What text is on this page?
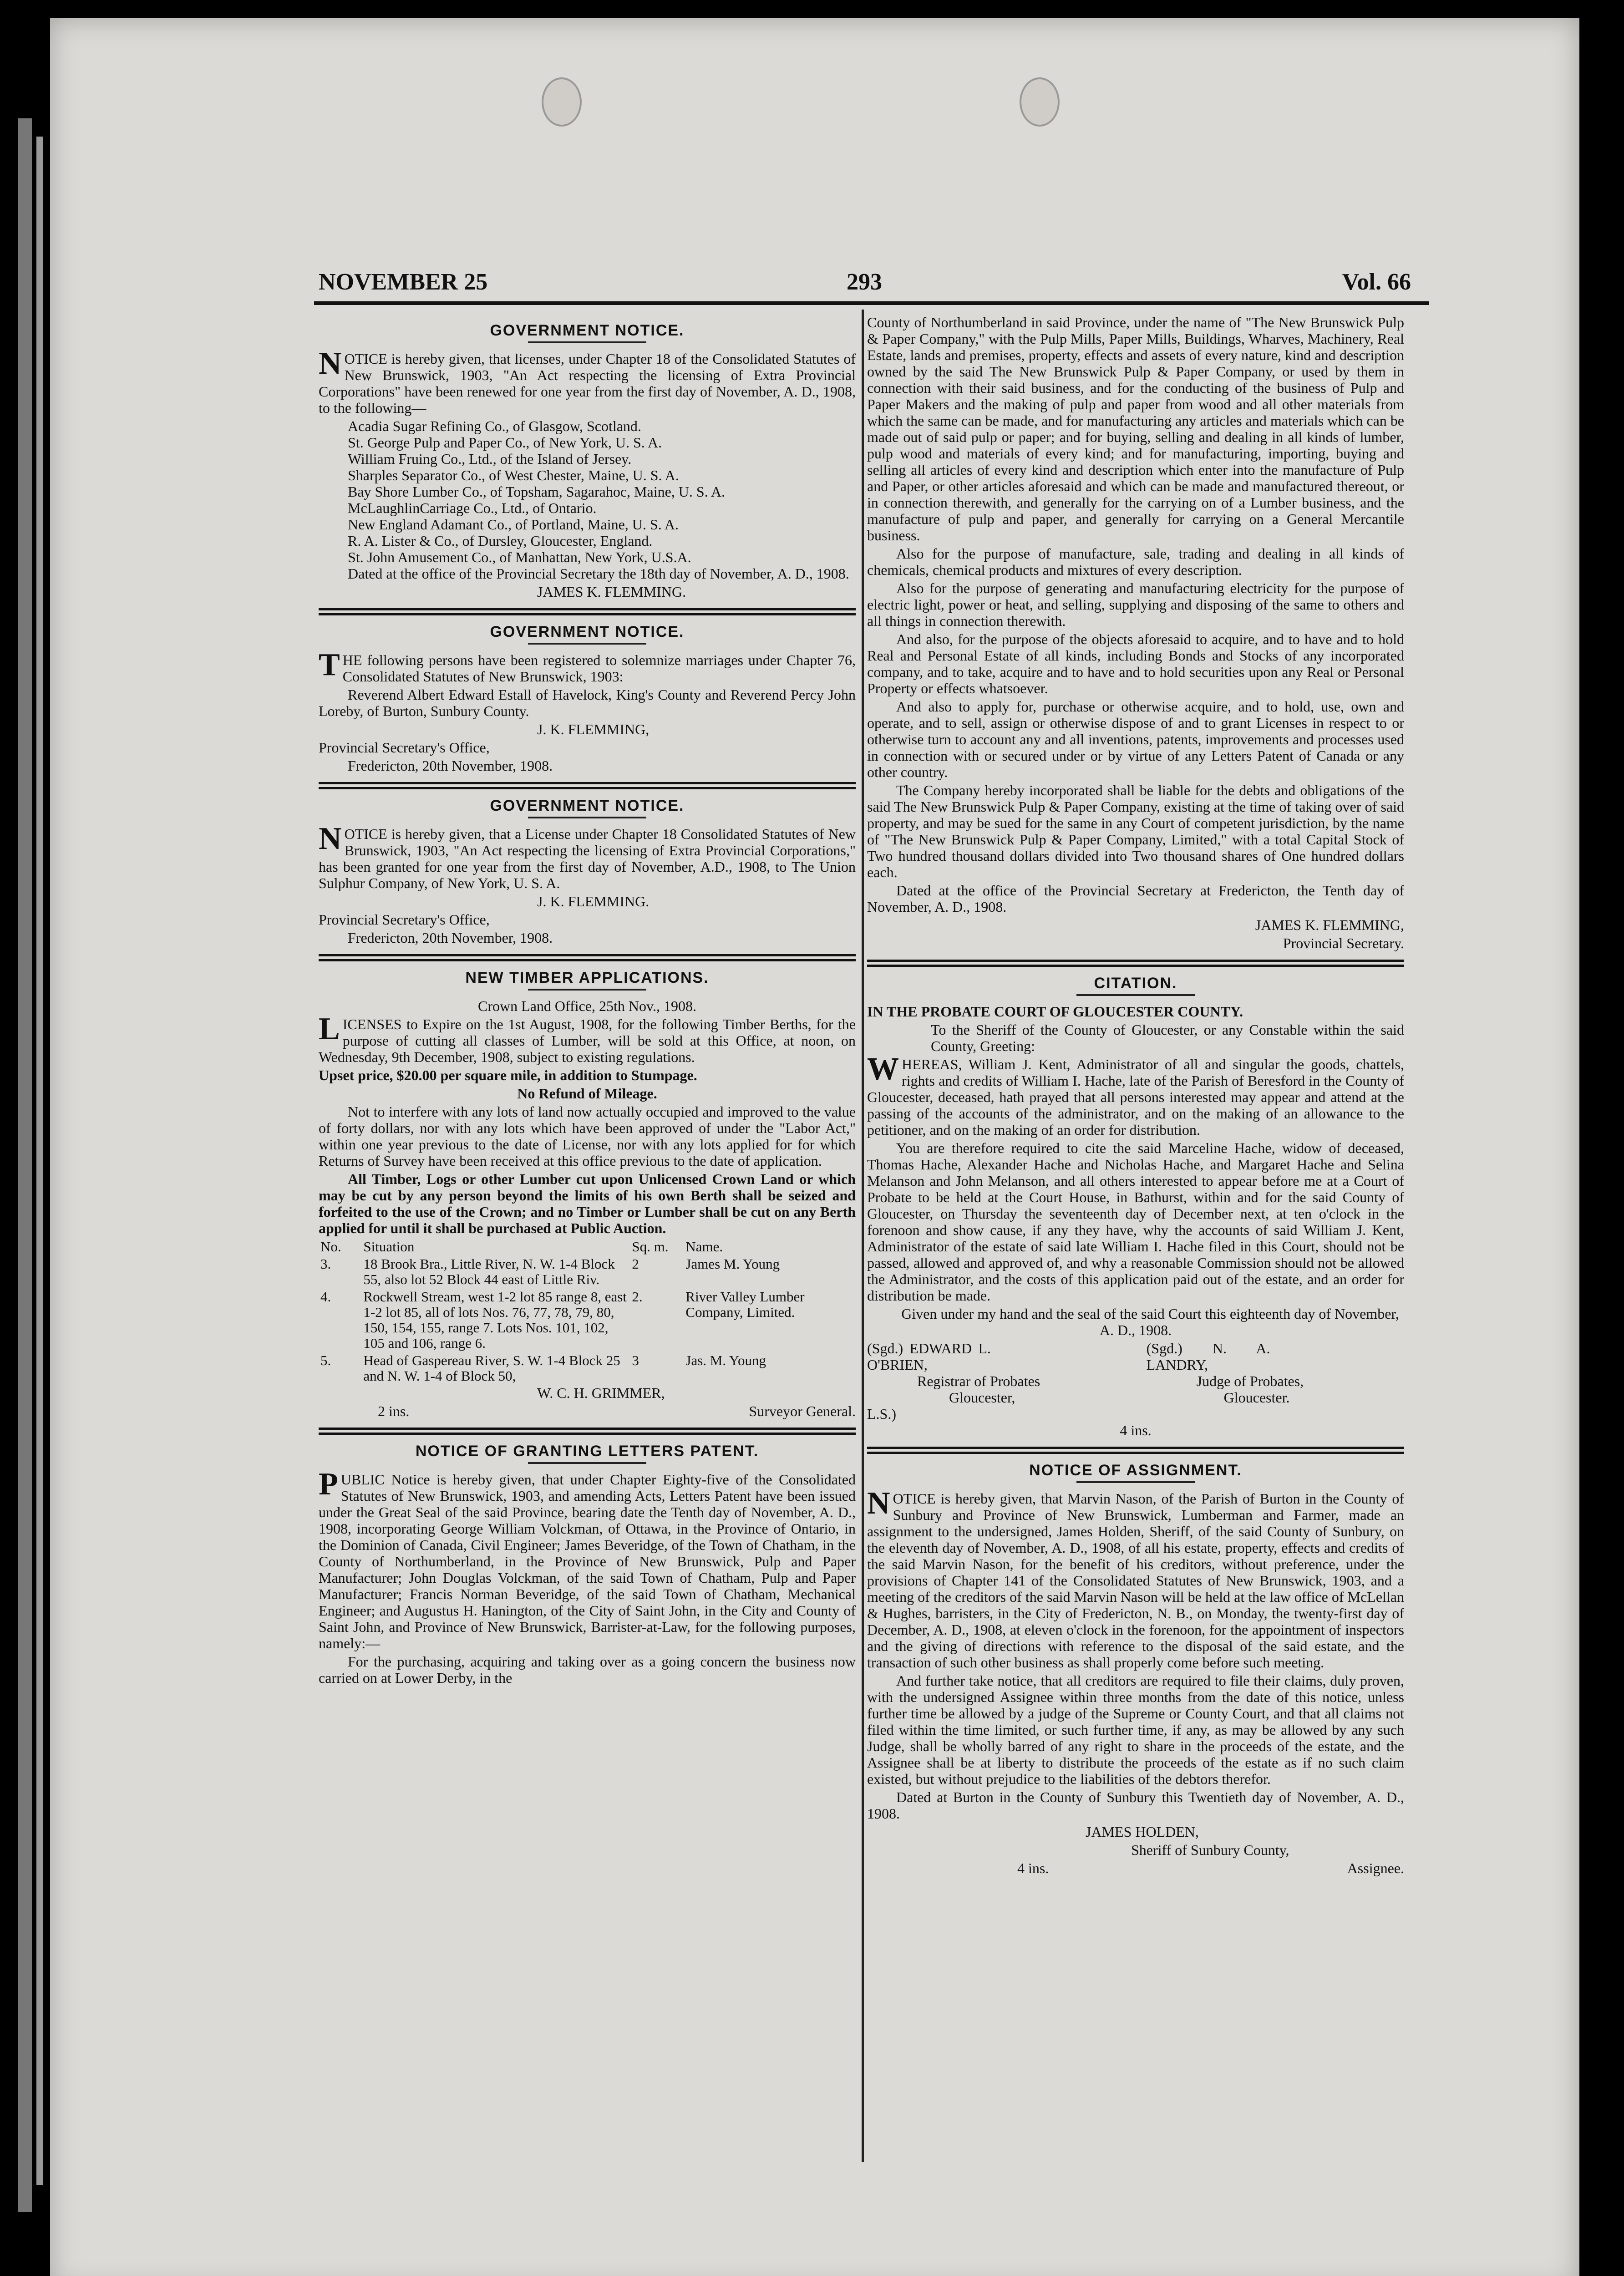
NOVEMBER 25	293	Vol. 66
GOVERNMENT NOTICE.

NOTICE is hereby given, that licenses, under Chapter 18 of the Consolidated Statutes of New Brunswick, 1903, "An Act respecting the licensing of Extra Provincial Corporations" have been renewed for one year from the first day of November, A. D., 1908, to the following—

Acadia Sugar Refining Co., of Glasgow, Scotland.
St. George Pulp and Paper Co., of New York, U. S. A.
William Fruing Co., Ltd., of the Island of Jersey.
Sharples Separator Co., of West Chester, Maine, U. S. A.
Bay Shore Lumber Co., of Topsham, Sagarahoc, Maine, U. S. A.
McLaughlinCarriage Co., Ltd., of Ontario.
New England Adamant Co., of Portland, Maine, U. S. A.
R. A. Lister & Co., of Dursley, Gloucester, England.
St. John Amusement Co., of Manhattan, New York, U.S.A.

Dated at the office of the Provincial Secretary the 18th day of November, A. D., 1908.

JAMES K. FLEMMING.

GOVERNMENT NOTICE.

THE following persons have been registered to solemnize marriages under Chapter 76, Consolidated Statutes of New Brunswick, 1903:

Reverend Albert Edward Estall of Havelock, King's County and Reverend Percy John Loreby, of Burton, Sunbury County.

J. K. FLEMMING,

Provincial Secretary's Office,

Fredericton, 20th November, 1908.

GOVERNMENT NOTICE.

NOTICE is hereby given, that a License under Chapter 18 Consolidated Statutes of New Brunswick, 1903, "An Act respecting the licensing of Extra Provincial Corporations," has been granted for one year from the first day of November, A.D., 1908, to The Union Sulphur Company, of New York, U. S. A.

J. K. FLEMMING.

Provincial Secretary's Office,

Fredericton, 20th November, 1908.

NEW TIMBER APPLICATIONS.

Crown Land Office, 25th Nov., 1908.

LICENSES to Expire on the 1st August, 1908, for the following Timber Berths, for the purpose of cutting all classes of Lumber, will be sold at this Office, at noon, on Wednesday, 9th December, 1908, subject to existing regulations.

Upset price, $20.00 per square mile, in addition to Stumpage.

No Refund of Mileage.

Not to interfere with any lots of land now actually occupied and improved to the value of forty dollars, nor with any lots which have been approved of under the "Labor Act," within one year previous to the date of License, nor with any lots applied for for which Returns of Survey have been received at this office previous to the date of application.

All Timber, Logs or other Lumber cut upon Unlicensed Crown Land or which may be cut by any person beyond the limits of his own Berth shall be seized and forfeited to the use of the Crown; and no Timber or Lumber shall be cut on any Berth applied for until it shall be purchased at Public Auction.

No.	Situation	Sq. m.	Name.
3.	18 Brook Bra., Little River, N. W. 1-4 Block 55, also lot 52 Block 44 east of Little Riv.	2	James M. Young
4.	Rockwell Stream, west 1-2 lot 85 range 8, east 1-2 lot 85, all of lots Nos. 76, 77, 78, 79, 80, 150, 154, 155, range 7. Lots Nos. 101, 102, 105 and 106, range 6.	2.	River Valley Lumber Company, Limited.
5.	Head of Gaspereau River, S. W. 1-4 Block 25 and N. W. 1-4 of Block 50,	3	Jas. M. Young

W. C. H. GRIMMER,

2 ins.	Surveyor General.
NOTICE OF GRANTING LETTERS PATENT.

PUBLIC Notice is hereby given, that under Chapter Eighty-five of the Consolidated Statutes of New Brunswick, 1903, and amending Acts, Letters Patent have been issued under the Great Seal of the said Province, bearing date the Tenth day of November, A. D., 1908, incorporating George William Volckman, of Ottawa, in the Province of Ontario, in the Dominion of Canada, Civil Engineer; James Beveridge, of the Town of Chatham, in the County of Northumberland, in the Province of New Brunswick, Pulp and Paper Manufacturer; John Douglas Volckman, of the said Town of Chatham, Pulp and Paper Manufacturer; Francis Norman Beveridge, of the said Town of Chatham, Mechanical Engineer; and Augustus H. Hanington, of the City of Saint John, in the City and County of Saint John, and Province of New Brunswick, Barrister-at-Law, for the following purposes, namely:—

For the purchasing, acquiring and taking over as a going concern the business now carried on at Lower Derby, in the

County of Northumberland in said Province, under the name of "The New Brunswick Pulp & Paper Company," with the Pulp Mills, Paper Mills, Buildings, Wharves, Machinery, Real Estate, lands and premises, property, effects and assets of every nature, kind and description owned by the said The New Brunswick Pulp & Paper Company, or used by them in connection with their said business, and for the conducting of the business of Pulp and Paper Makers and the making of pulp and paper from wood and all other materials from which the same can be made, and for manufacturing any articles and materials which can be made out of said pulp or paper; and for buying, selling and dealing in all kinds of lumber, pulp wood and materials of every kind; and for manufacturing, importing, buying and selling all articles of every kind and description which enter into the manufacture of Pulp and Paper, or other articles aforesaid and which can be made and manufactured thereout, or in connection therewith, and generally for the carrying on of a Lumber business, and the manufacture of pulp and paper, and generally for carrying on a General Mercantile business.

Also for the purpose of manufacture, sale, trading and dealing in all kinds of chemicals, chemical products and mixtures of every description.

Also for the purpose of generating and manufacturing electricity for the purpose of electric light, power or heat, and selling, supplying and disposing of the same to others and all things in connection therewith.

And also, for the purpose of the objects aforesaid to acquire, and to have and to hold Real and Personal Estate of all kinds, including Bonds and Stocks of any incorporated company, and to take, acquire and to have and to hold securities upon any Real or Personal Property or effects whatsoever.

And also to apply for, purchase or otherwise acquire, and to hold, use, own and operate, and to sell, assign or otherwise dispose of and to grant Licenses in respect to or otherwise turn to account any and all inventions, patents, improvements and processes used in connection with or secured under or by virtue of any Letters Patent of Canada or any other country.

The Company hereby incorporated shall be liable for the debts and obligations of the said The New Brunswick Pulp & Paper Company, existing at the time of taking over of said property, and may be sued for the same in any Court of competent jurisdiction, by the name of "The New Brunswick Pulp & Paper Company, Limited," with a total Capital Stock of Two hundred thousand dollars divided into Two thousand shares of One hundred dollars each.

Dated at the office of the Provincial Secretary at Fredericton, the Tenth day of November, A. D., 1908.

JAMES K. FLEMMING,

Provincial Secretary.

CITATION.

IN THE PROBATE COURT OF GLOUCESTER COUNTY.

To the Sheriff of the County of Gloucester, or any Constable within the said County, Greeting:

WHEREAS, William J. Kent, Administrator of all and singular the goods, chattels, rights and credits of William I. Hache, late of the Parish of Beresford in the County of Gloucester, deceased, hath prayed that all persons interested may appear and attend at the passing of the accounts of the administrator, and on the making of an allowance to the petitioner, and on the making of an order for distribution.

You are therefore required to cite the said Marceline Hache, widow of deceased, Thomas Hache, Alexander Hache and Nicholas Hache, and Margaret Hache and Selina Melanson and John Melanson, and all others interested to appear before me at a Court of Probate to be held at the Court House, in Bathurst, within and for the said County of Gloucester, on Thursday the seventeenth day of December next, at ten o'clock in the forenoon and show cause, if any they have, why the accounts of said William J. Kent, Administrator of the estate of said late William I. Hache filed in this Court, should not be passed, allowed and approved of, and why a reasonable Commission should not be allowed the Administrator, and the costs of this application paid out of the estate, and an order for distribution be made.

Given under my hand and the seal of the said Court this eighteenth day of November, A. D., 1908.

(Sgd.) EDWARD L. O'BRIEN,
Registrar of Probates
Gloucester,
L.S.)
(Sgd.) N. A. LANDRY,
Judge of Probates,
Gloucester.

4 ins.

NOTICE OF ASSIGNMENT.

NOTICE is hereby given, that Marvin Nason, of the Parish of Burton in the County of Sunbury and Province of New Brunswick, Lumberman and Farmer, made an assignment to the undersigned, James Holden, Sheriff, of the said County of Sunbury, on the eleventh day of November, A. D., 1908, of all his estate, property, effects and credits of the said Marvin Nason, for the benefit of his creditors, without preference, under the provisions of Chapter 141 of the Consolidated Statutes of New Brunswick, 1903, and a meeting of the creditors of the said Marvin Nason will be held at the law office of McLellan & Hughes, barristers, in the City of Fredericton, N. B., on Monday, the twenty-first day of December, A. D., 1908, at eleven o'clock in the forenoon, for the appointment of inspectors and the giving of directions with reference to the disposal of the said estate, and the transaction of such other business as shall properly come before such meeting.

And further take notice, that all creditors are required to file their claims, duly proven, with the undersigned Assignee within three months from the date of this notice, unless further time be allowed by a judge of the Supreme or County Court, and that all claims not filed within the time limited, or such further time, if any, as may be allowed by any such Judge, shall be wholly barred of any right to share in the proceeds of the estate, and the Assignee shall be at liberty to distribute the proceeds of the estate as if no such claim existed, but without prejudice to the liabilities of the debtors therefor.

Dated at Burton in the County of Sunbury this Twentieth day of November, A. D., 1908.

JAMES HOLDEN,

Sheriff of Sunbury County,

4 ins.	Assignee.
